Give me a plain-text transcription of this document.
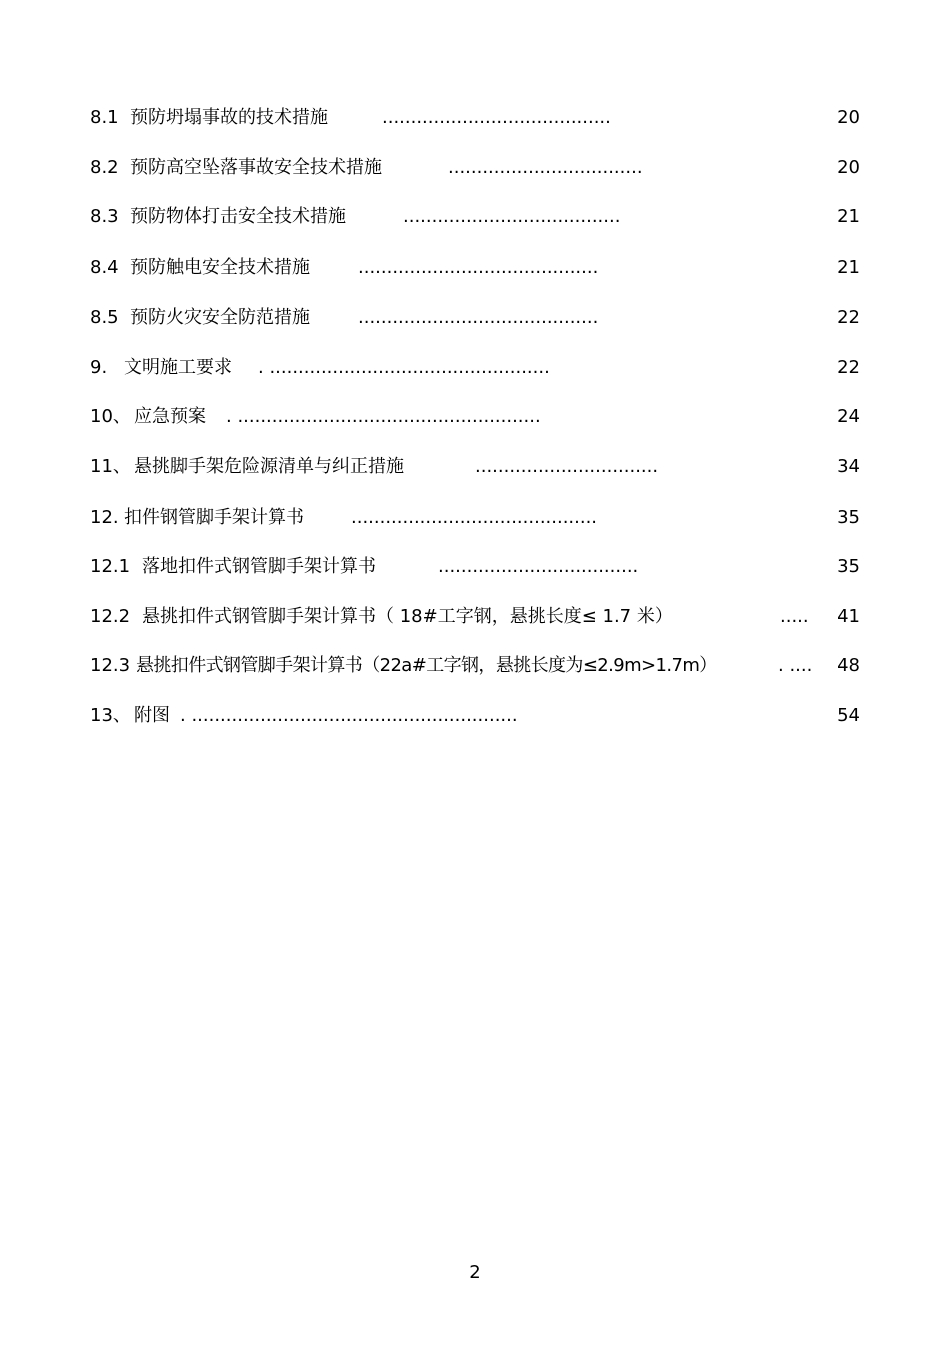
8.1 预防坍塌事故的技术措施	........................................	20
8.2 预防高空坠落事故安全技术措施	..................................	20
8.3 预防物体打击安全技术措施	......................................	21
8.4 预防触电安全技术措施	..........................................	21
8.5 预防火灾安全防范措施	..........................................	22
9. 文明施工要求 . .................................................	22
10、 应急预案 . .....................................................	24
11、 悬挑脚手架危险源清单与纠正措施	................................	34
12. 扣件钢管脚手架计算书	...........................................	35
12.1 落地扣件式钢管脚手架计算书	...................................	35
12.2 悬挑扣件式钢管脚手架计算书（ 18#工字钢，悬挑长度≤ 1.7 米）	..... 41
12.3 悬挑扣件式钢管脚手架计算书（22a#工字钢，悬挑长度为≤2.9m>1.7m）	. .... 48
13、 附图 . .........................................................	54
2
